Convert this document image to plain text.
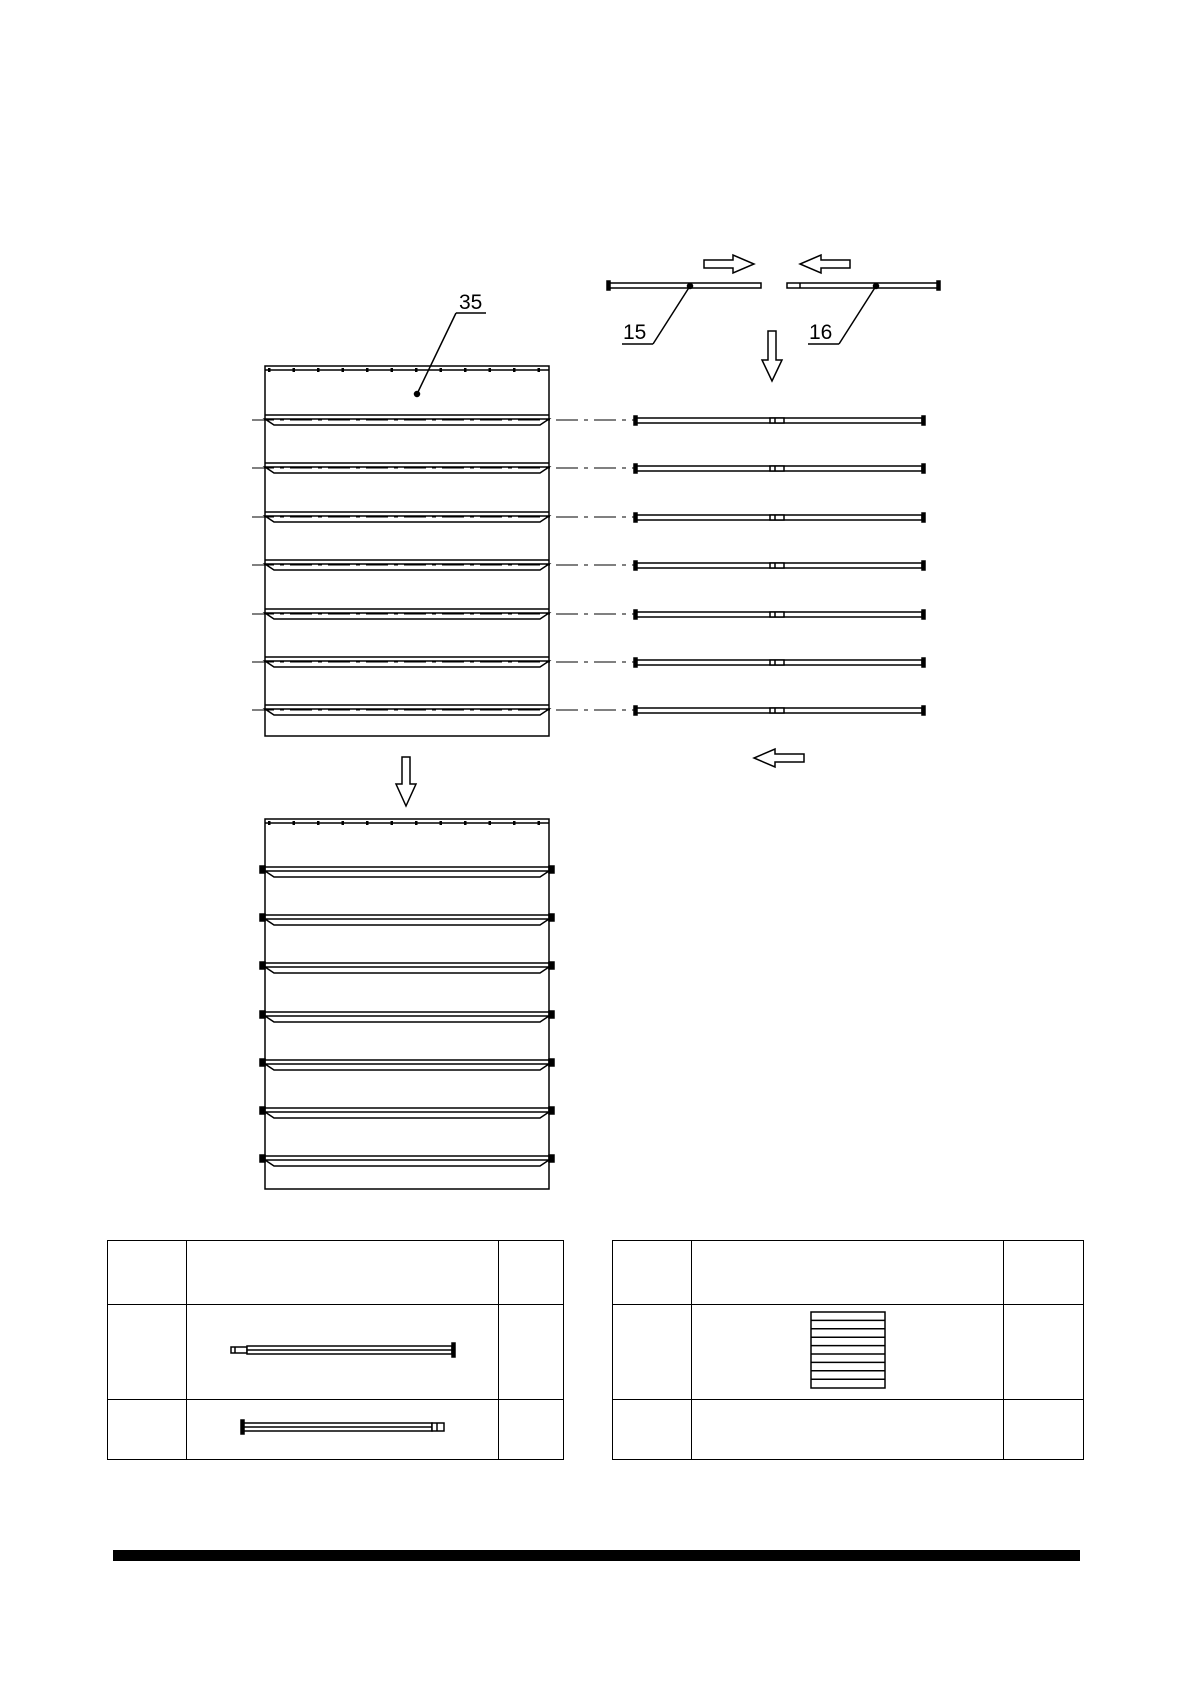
15	16
35
